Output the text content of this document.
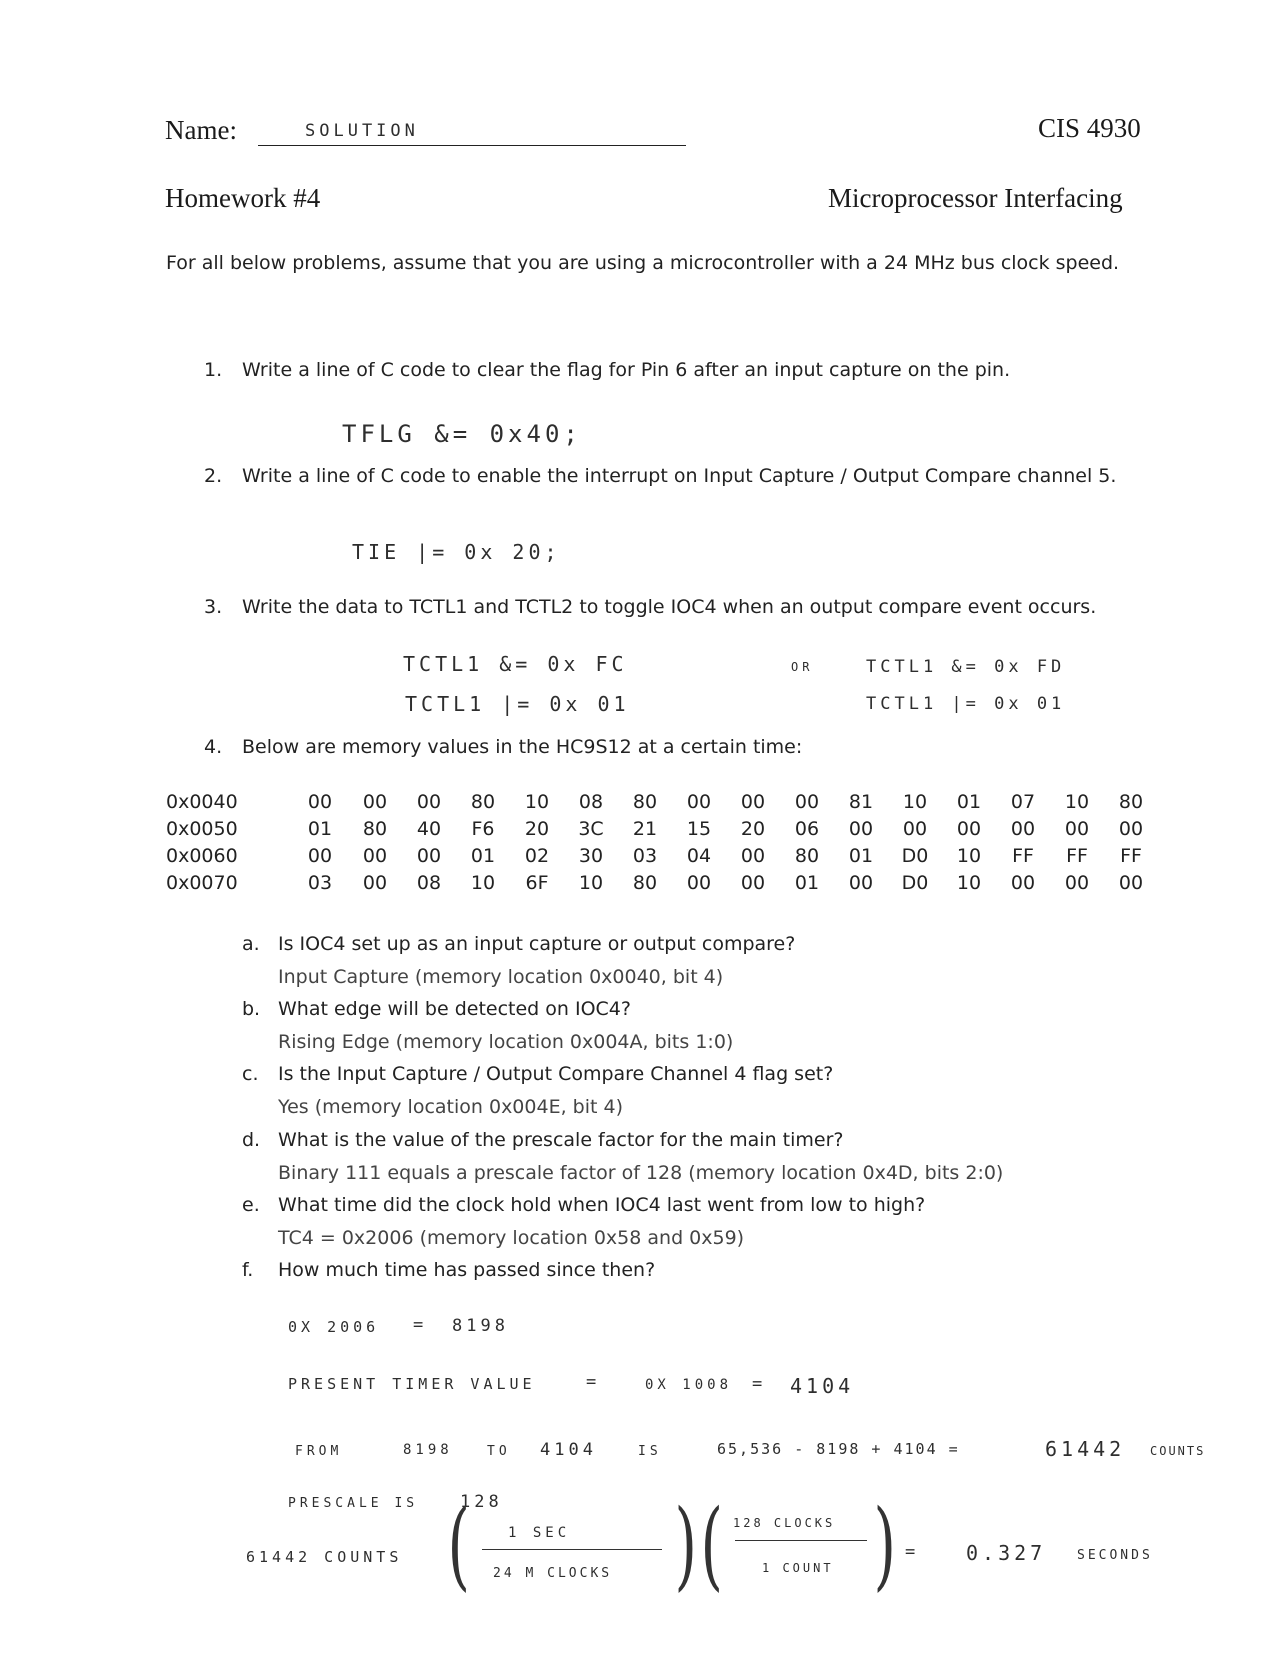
Name:	SOLUTION	CIS 4930
Homework #4	Microprocessor Interfacing
For all below problems, assume that you are using a microcontroller with a 24 MHz bus clock speed.
1. Write a line of C code to clear the flag for Pin 6 after an input capture on the pin.
TFLG &= 0x40;
2. Write a line of C code to enable the interrupt on Input Capture / Output Compare channel 5.
TIE |= 0x 20;
3. Write the data to TCTL1 and TCTL2 to toggle IOC4 when an output compare event occurs.
TCTL1 &= 0x FC
TCTL1 |= 0x 01
OR	TCTL1 &= 0x FD
TCTL1 |= 0x 01
4. Below are memory values in the HC9S12 at a certain time:
0x0040	00	00	00	80	10	08	80	00	00	00	81	10	01	07	10	80
0x0050	01	80	40	F6	20	3C	21	15	20	06	00	00	00	00	00	00
0x0060	00	00	00	01	02	30	03	04	00	80	01	D0	10	FF	FF	FF
0x0070	03	00	08	10	6F	10	80	00	00	01	00	D0	10	00	00	00
a. Is IOC4 set up as an input capture or output compare?
Input Capture (memory location 0x0040, bit 4)
b. What edge will be detected on IOC4?
Rising Edge (memory location 0x004A, bits 1:0)
c. Is the Input Capture / Output Compare Channel 4 flag set?
Yes (memory location 0x004E, bit 4)
d. What is the value of the prescale factor for the main timer?
Binary 111 equals a prescale factor of 128 (memory location 0x4D, bits 2:0)
e. What time did the clock hold when IOC4 last went from low to high?
TC4 = 0x2006 (memory location 0x58 and 0x59)
f. How much time has passed since then?
0X 2006 = 8198
PRESENT TIMER VALUE	=	0X 1008 = 4104
FROM	8198	TO 4104	IS	65,536 - 8198 + 4104 =	61442 COUNTS
PRESCALE IS 128
61442 COUNTS (	1 SEC
24 M CLOCKS ) ( 128 CLOCKS
1 COUNT ) = 0.327 SECONDS
